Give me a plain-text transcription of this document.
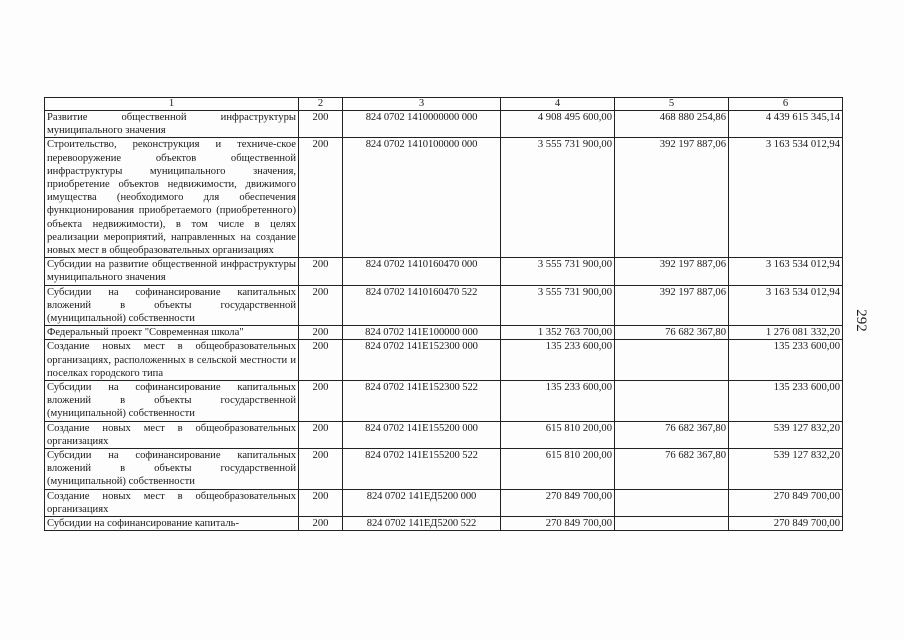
1	2	3	4	5	6
Развитие общественной инфраструктуры муниципального значения	200	824 0702 1410000000 000	4 908 495 600,00	468 880 254,86	4 439 615 345,14
Строительство, реконструкция и техниче-ское перевооружение объектов общественной инфраструктуры муниципального значения, приобретение объектов недвижимости, движимого имущества (необходимого для обеспечения функционирования приобретаемого (приобретенного) объекта недвижимости), в том числе в целях реализации мероприятий, направленных на создание новых мест в общеобразовательных организациях	200	824 0702 1410100000 000	3 555 731 900,00	392 197 887,06	3 163 534 012,94
Субсидии на развитие общественной инфраструктуры муниципального значения	200	824 0702 1410160470 000	3 555 731 900,00	392 197 887,06	3 163 534 012,94
Субсидии на софинансирование капитальных вложений в объекты государственной (муниципальной) собственности	200	824 0702 1410160470 522	3 555 731 900,00	392 197 887,06	3 163 534 012,94
Федеральный проект "Современная школа"	200	824 0702 141Е100000 000	1 352 763 700,00	76 682 367,80	1 276 081 332,20
Создание новых мест в общеобразовательных организациях, расположенных в сельской местности и поселках городского типа	200	824 0702 141Е152300 000	135 233 600,00		135 233 600,00
Субсидии на софинансирование капитальных вложений в объекты государственной (муниципальной) собственности	200	824 0702 141Е152300 522	135 233 600,00		135 233 600,00
Создание новых мест в общеобразовательных организациях	200	824 0702 141Е155200 000	615 810 200,00	76 682 367,80	539 127 832,20
Субсидии на софинансирование капитальных вложений в объекты государственной (муниципальной) собственности	200	824 0702 141Е155200 522	615 810 200,00	76 682 367,80	539 127 832,20
Создание новых мест в общеобразовательных организациях	200	824 0702 141ЕД5200 000	270 849 700,00		270 849 700,00
Субсидии на софинансирование капиталь-	200	824 0702 141ЕД5200 522	270 849 700,00		270 849 700,00
292
